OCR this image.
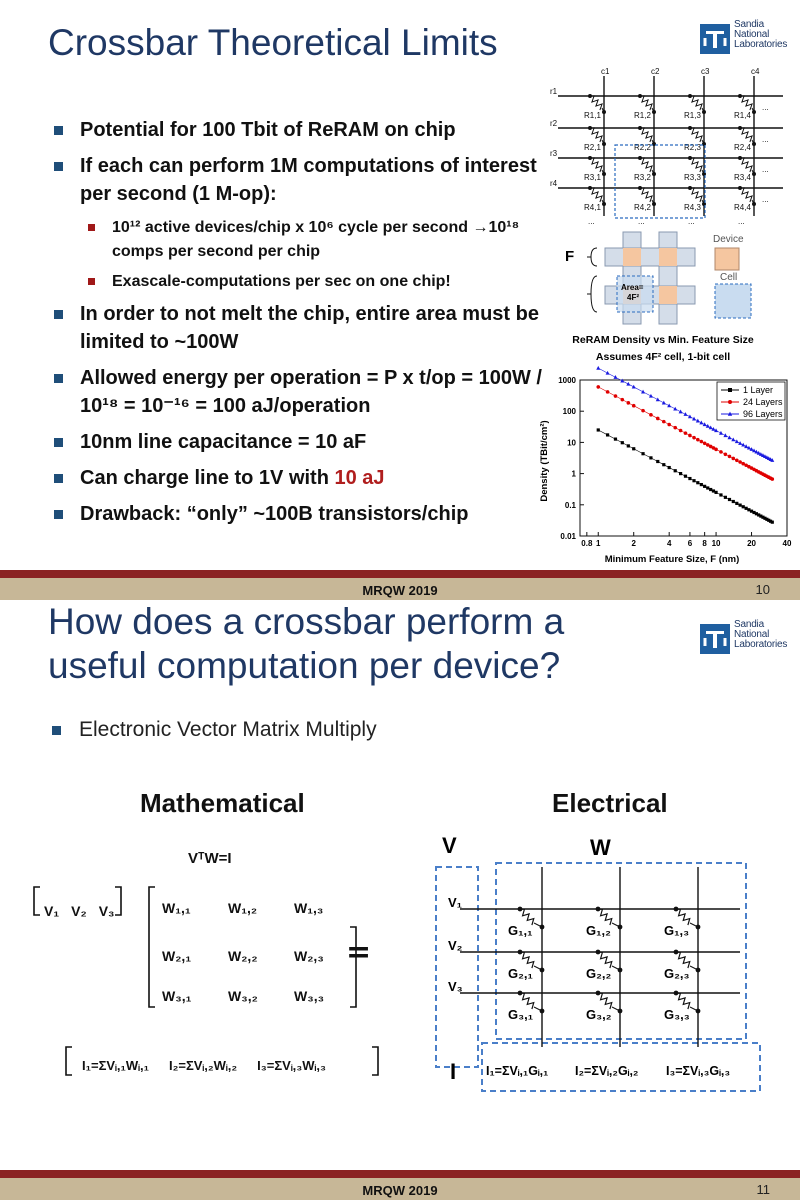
Crossbar Theoretical Limits	Sandia
National
Laboratories
Potential for 100 Tbit of ReRAM on chip
If each can perform 1M computations of interest per second (1 M-op):
10¹² active devices/chip x 10⁶ cycle per second →10¹⁸ comps per second per chip
Exascale-computations per sec on one chip!
In order to not melt the chip, entire area must be limited to ~100W
Allowed energy per operation = P x t/op = 100W / 10¹⁸ = 10⁻¹⁶ = 100 aJ/operation
10nm line capacitance = 10 aF
Can charge line to 1V with 10 aJ
Drawback: “only” ~100B transistors/chip
c1	c2	c3	c4
r1
r2
r3
r4
R1,1	R1,2	R1,3	R1,4
R2,1	R2,2	R2,3	R2,4
R3,1	R3,2	R3,3	R3,4
R4,1	R4,2	R4,3	R4,4
...
...
...
...
...	...	...	...
F
Area=
4F²
Device
Cell
ReRAM Density vs Min. Feature Size
Assumes 4F² cell, 1-bit cell
0.01
0.1
1
10
100
1000
0.8 1	2	4 6 8 10	20	40
1 Layer
24 Layers
96 Layers
Minimum Feature Size, F (nm)
Density (TBit/cm²)
MRQW 2019	10
How does a crossbar perform a useful computation per device?
Sandia
National
Laboratories
Electronic Vector Matrix Multiply
Mathematical	Electrical
VᵀW=I
V₁ V₂ V₃	W₁,₁	W₁,₂	W₁,₃
W₂,₁	W₂,₂	W₂,₃
W₃,₁	W₃,₂	W₃,₃
=
I₁=ΣVᵢ,₁Wᵢ,₁ I₂=ΣVᵢ,₂Wᵢ,₂ I₃=ΣVᵢ,₃Wᵢ,₃
V	W
I
V₁
V₂
V₃
G₁,₁	G₁,₂	G₁,₃
G₂,₁	G₂,₂	G₂,₃
G₃,₁	G₃,₂	G₃,₃
I₁=ΣVᵢ,₁Gᵢ,₁ I₂=ΣVᵢ,₂Gᵢ,₂ I₃=ΣVᵢ,₃Gᵢ,₃
MRQW 2019	11
